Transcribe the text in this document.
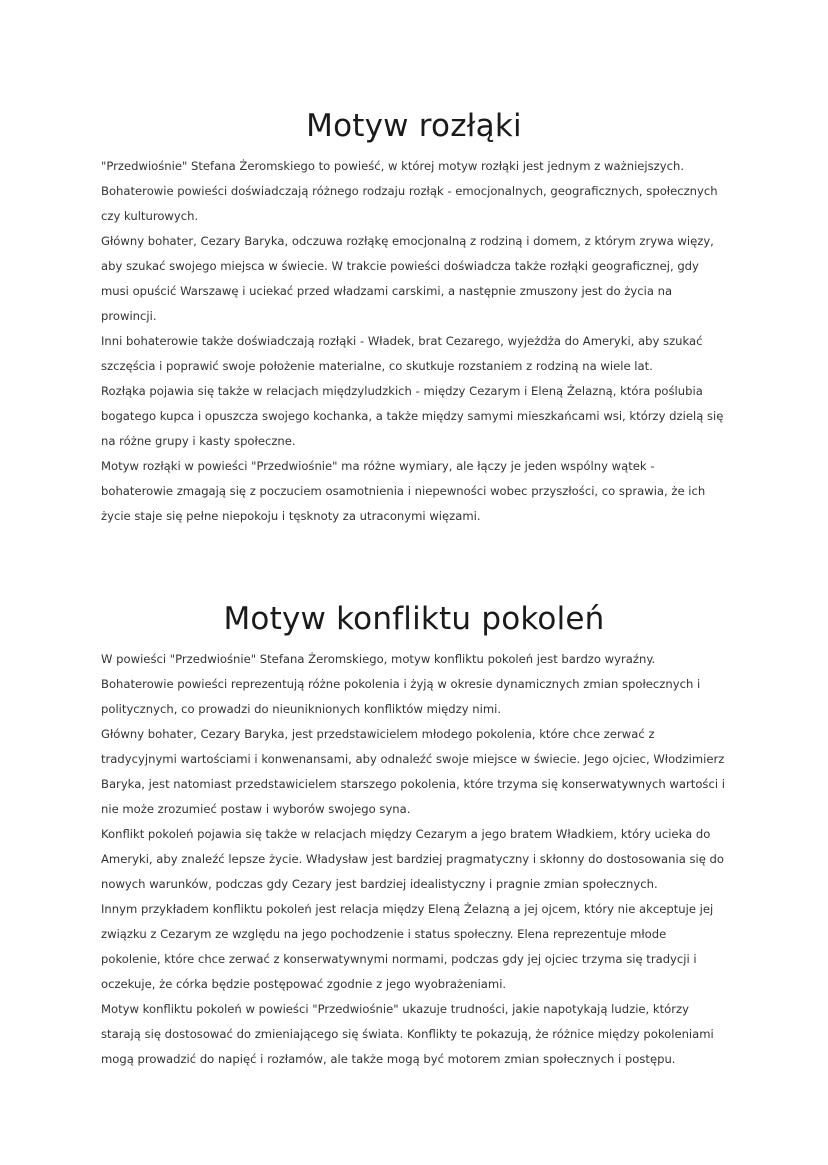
Motyw rozłąki

"Przedwiośnie" Stefana Żeromskiego to powieść, w której motyw rozłąki jest jednym z ważniejszych. Bohaterowie powieści doświadczają różnego rodzaju rozłąk - emocjonalnych, geograficznych, społecznych czy kulturowych.

Główny bohater, Cezary Baryka, odczuwa rozłąkę emocjonalną z rodziną i domem, z którym zrywa więzy, aby szukać swojego miejsca w świecie. W trakcie powieści doświadcza także rozłąki geograficznej, gdy musi opuścić Warszawę i uciekać przed władzami carskimi, a następnie zmuszony jest do życia na prowincji.

Inni bohaterowie także doświadczają rozłąki - Władek, brat Cezarego, wyjeżdża do Ameryki, aby szukać szczęścia i poprawić swoje położenie materialne, co skutkuje rozstaniem z rodziną na wiele lat.

Rozłąka pojawia się także w relacjach międzyludzkich - między Cezarym i Eleną Żelazną, która poślubia bogatego kupca i opuszcza swojego kochanka, a także między samymi mieszkańcami wsi, którzy dzielą się na różne grupy i kasty społeczne.

Motyw rozłąki w powieści "Przedwiośnie" ma różne wymiary, ale łączy je jeden wspólny wątek - bohaterowie zmagają się z poczuciem osamotnienia i niepewności wobec przyszłości, co sprawia, że ich życie staje się pełne niepokoju i tęsknoty za utraconymi więzami.

Motyw konfliktu pokoleń

W powieści "Przedwiośnie" Stefana Żeromskiego, motyw konfliktu pokoleń jest bardzo wyraźny. Bohaterowie powieści reprezentują różne pokolenia i żyją w okresie dynamicznych zmian społecznych i politycznych, co prowadzi do nieuniknionych konfliktów między nimi.

Główny bohater, Cezary Baryka, jest przedstawicielem młodego pokolenia, które chce zerwać z tradycyjnymi wartościami i konwenansami, aby odnaleźć swoje miejsce w świecie. Jego ojciec, Włodzimierz Baryka, jest natomiast przedstawicielem starszego pokolenia, które trzyma się konserwatywnych wartości i nie może zrozumieć postaw i wyborów swojego syna.

Konflikt pokoleń pojawia się także w relacjach między Cezarym a jego bratem Władkiem, który ucieka do Ameryki, aby znaleźć lepsze życie. Władysław jest bardziej pragmatyczny i skłonny do dostosowania się do nowych warunków, podczas gdy Cezary jest bardziej idealistyczny i pragnie zmian społecznych.

Innym przykładem konfliktu pokoleń jest relacja między Eleną Żelazną a jej ojcem, który nie akceptuje jej związku z Cezarym ze względu na jego pochodzenie i status społeczny. Elena reprezentuje młode pokolenie, które chce zerwać z konserwatywnymi normami, podczas gdy jej ojciec trzyma się tradycji i oczekuje, że córka będzie postępować zgodnie z jego wyobrażeniami.

Motyw konfliktu pokoleń w powieści "Przedwiośnie" ukazuje trudności, jakie napotykają ludzie, którzy starają się dostosować do zmieniającego się świata. Konflikty te pokazują, że różnice między pokoleniami mogą prowadzić do napięć i rozłamów, ale także mogą być motorem zmian społecznych i postępu.
